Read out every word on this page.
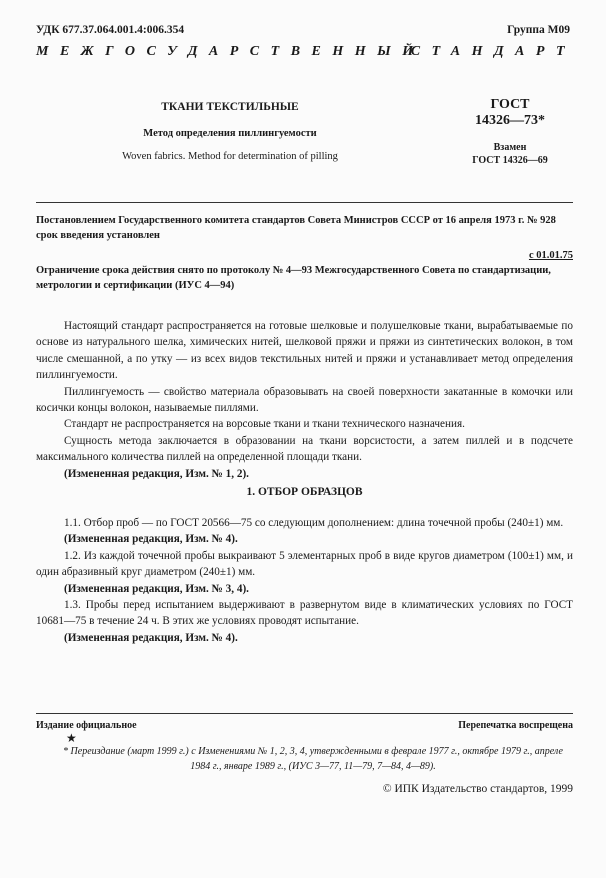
УДК 677.37.064.001.4:006.354	Группа М09
МЕЖГОСУДАРСТВЕННЫЙ
СТАНДАРТ
ТКАНИ ТЕКСТИЛЬНЫЕ
Метод определения пиллингуемости
Woven fabrics. Method for determination of pilling
ГОСТ
14326—73*
Взамен
ГОСТ 14326—69
Постановлением Государственного комитета стандартов Совета Министров СССР от 16 апреля 1973 г. № 928 срок введения установлен
с 01.01.75
Ограничение срока действия снято по протоколу № 4—93 Межгосударственного Совета по стандартизации, метрологии и сертификации (ИУС 4—94)

Настоящий стандарт распространяется на готовые шелковые и полушелковые ткани, вырабатываемые по основе из натурального шелка, химических нитей, шелковой пряжи и пряжи из синтетических волокон, в том числе смешанной, а по утку — из всех видов текстильных нитей и пряжи и устанавливает метод определения пиллингуемости.

Пиллингуемость — свойство материала образовывать на своей поверхности закатанные в комочки или косички концы волокон, называемые пиллями.

Стандарт не распространяется на ворсовые ткани и ткани технического назначения.

Сущность метода заключается в образовании на ткани ворсистости, а затем пиллей и в подсчете максимального количества пиллей на определенной площади ткани.

(Измененная редакция, Изм. № 1, 2).

1. ОТБОР ОБРАЗЦОВ

1.1. Отбор проб — по ГОСТ 20566—75 со следующим дополнением: длина точечной пробы (240±1) мм.

(Измененная редакция, Изм. № 4).

1.2. Из каждой точечной пробы выкраивают 5 элементарных проб в виде кругов диаметром (100±1) мм, и один абразивный круг диаметром (240±1) мм.

(Измененная редакция, Изм. № 3, 4).

1.3. Пробы перед испытанием выдерживают в развернутом виде в климатических условиях по ГОСТ 10681—75 в течение 24 ч. В этих же условиях проводят испытание.

(Измененная редакция, Изм. № 4).

Издание официальное	Перепечатка воспрещена
★
* Переиздание (март 1999 г.) с Изменениями № 1, 2, 3, 4, утвержденными в феврале 1977 г., октябре 1979 г., апреле 1984 г., январе 1989 г., (ИУС 3—77, 11—79, 7—84, 4—89).
© ИПК Издательство стандартов, 1999
